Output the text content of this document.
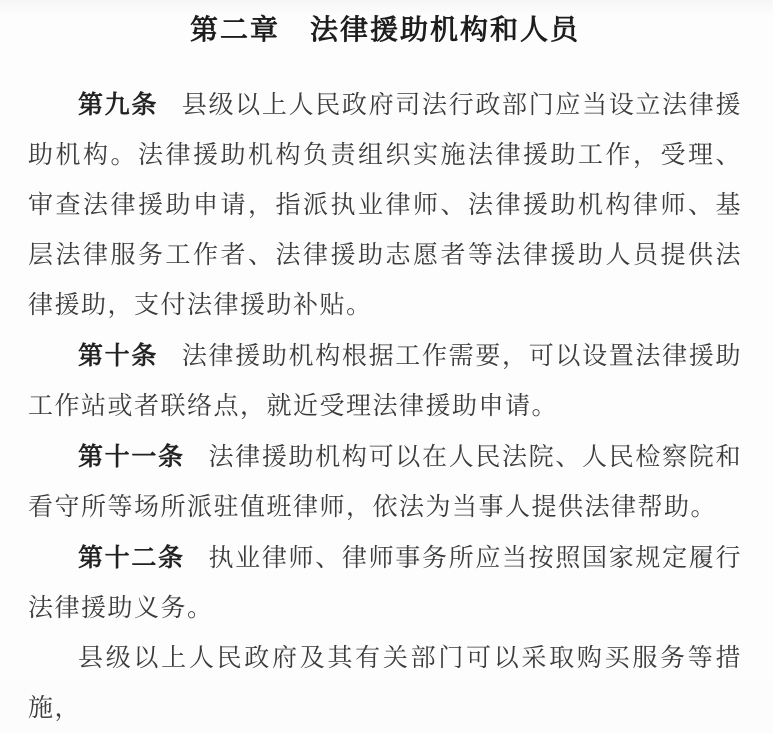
第二章　法律援助机构和人员

第九条 县级以上人民政府司法行政部门应当设立法律援助机构。法律援助机构负责组织实施法律援助工作，受理、审查法律援助申请，指派执业律师、法律援助机构律师、基层法律服务工作者、法律援助志愿者等法律援助人员提供法律援助，支付法律援助补贴。

第十条 法律援助机构根据工作需要，可以设置法律援助工作站或者联络点，就近受理法律援助申请。

第十一条 法律援助机构可以在人民法院、人民检察院和看守所等场所派驻值班律师，依法为当事人提供法律帮助。

第十二条 执业律师、律师事务所应当按照国家规定履行法律援助义务。

县级以上人民政府及其有关部门可以采取购买服务等措施，
